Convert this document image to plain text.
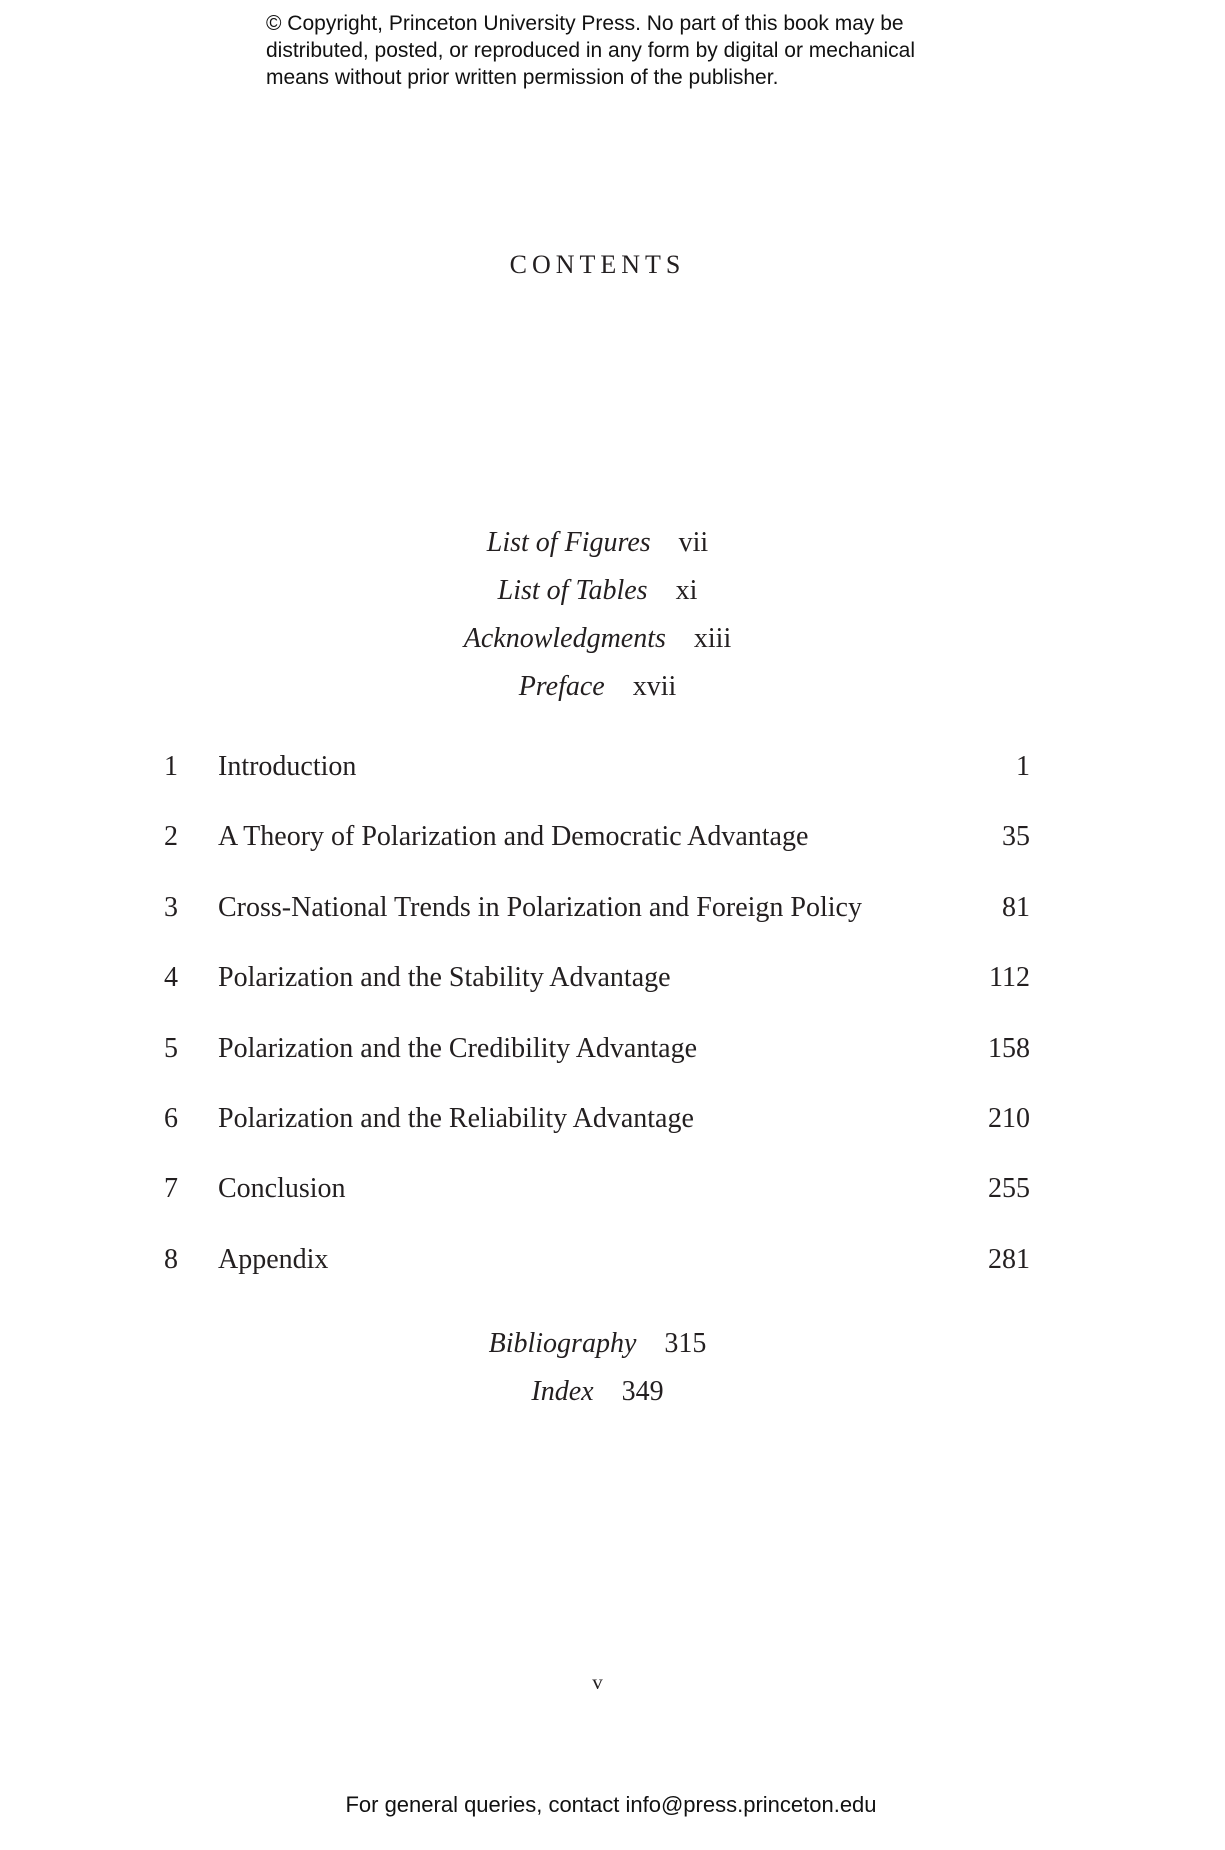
© Copyright, Princeton University Press. No part of this book may be
distributed, posted, or reproduced in any form by digital or mechanical
means without prior written permission of the publisher.
CONTENTS
List of Figures vii
List of Tables xi
Acknowledgments xiii
Preface xvii
1 Introduction	1
2 A Theory of Polarization and Democratic Advantage	35
3 Cross-National Trends in Polarization and Foreign Policy	81
4 Polarization and the Stability Advantage	112
5 Polarization and the Credibility Advantage	158
6 Polarization and the Reliability Advantage	210
7 Conclusion	255
8 Appendix	281
Bibliography 315
Index 349
v
For general queries, contact info@press.princeton.edu
